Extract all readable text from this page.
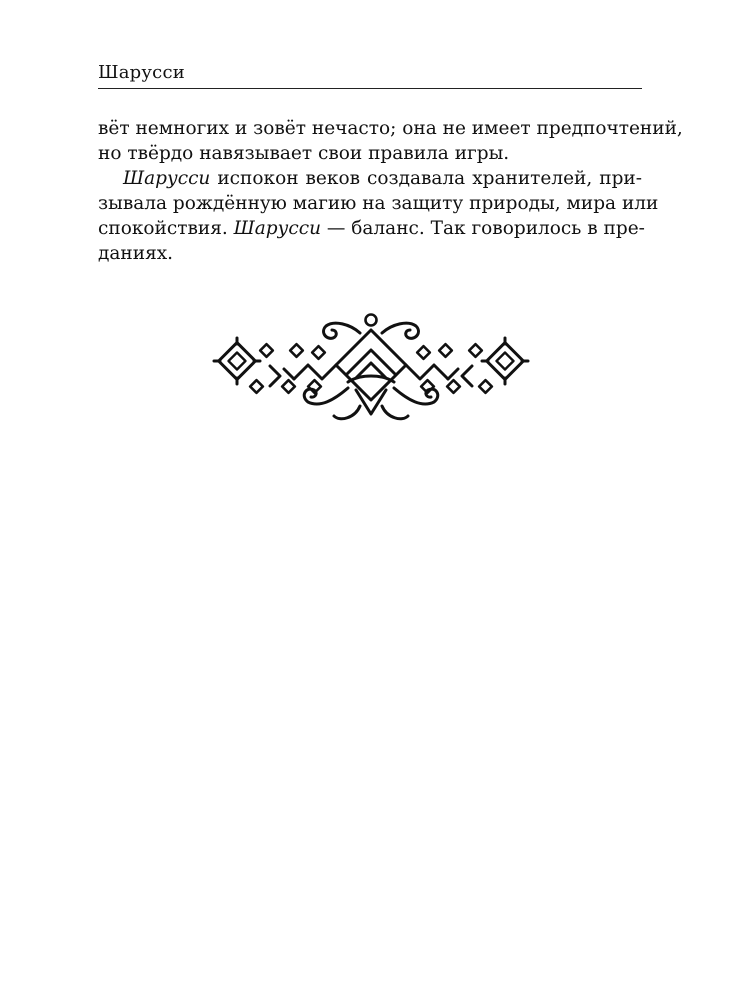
Шарусси
вёт немногих и зовёт нечасто; она не имеет предпочтений,
но твёрдо навязывает свои правила игры.
Шарусси испокон веков создавала хранителей, при-
зывала рождённую магию на защиту природы, мира или
спокойствия. Шарусси — баланс. Так говорилось в пре-
даниях.
